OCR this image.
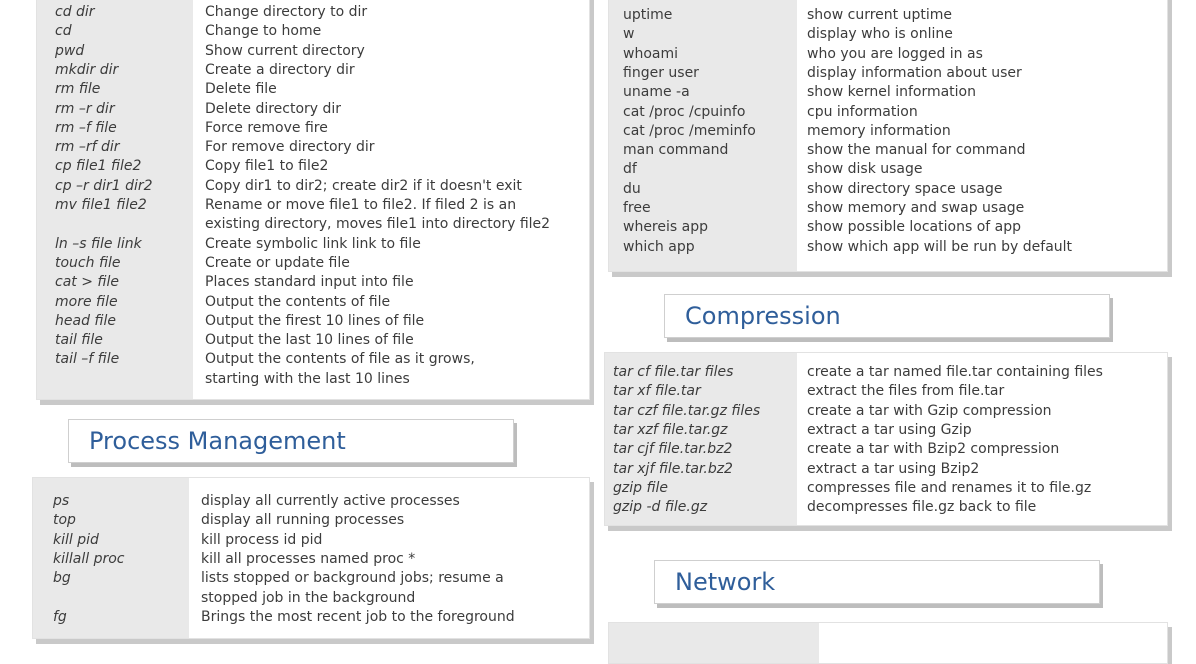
cd dir	Change directory to dir
cd	Change to home
pwd	Show current directory
mkdir dir	Create a directory dir
rm file	Delete file
rm –r dir	Delete directory dir
rm –f file	Force remove fire
rm –rf dir	For remove directory dir
cp file1 file2	Copy file1 to file2
cp –r dir1 dir2	Copy dir1 to dir2; create dir2 if it doesn't exit
mv file1 file2	Rename or move file1 to file2. If filed 2 is an
existing directory, moves file1 into directory file2
ln –s file link	Create symbolic link link to file
touch file	Create or update file
cat > file	Places standard input into file
more file	Output the contents of file
head file	Output the firest 10 lines of file
tail file	Output the last 10 lines of file
tail –f file	Output the contents of file as it grows,
starting with the last 10 lines
Process Management
ps	display all currently active processes
top	display all running processes
kill pid	kill process id pid
killall proc	kill all processes named proc *
bg	lists stopped or background jobs; resume a
stopped job in the background
fg	Brings the most recent job to the foreground
uptime	show current uptime
w	display who is online
whoami	who you are logged in as
finger user	display information about user
uname -a	show kernel information
cat /proc /cpuinfo	cpu information
cat /proc /meminfo	memory information
man command	show the manual for command
df	show disk usage
du	show directory space usage
free	show memory and swap usage
whereis app	show possible locations of app
which app	show which app will be run by default
Compression
tar cf file.tar files	create a tar named file.tar containing files
tar xf file.tar	extract the files from file.tar
tar czf file.tar.gz files	create a tar with Gzip compression
tar xzf file.tar.gz	extract a tar using Gzip
tar cjf file.tar.bz2	create a tar with Bzip2 compression
tar xjf file.tar.bz2	extract a tar using Bzip2
gzip file	compresses file and renames it to file.gz
gzip -d file.gz	decompresses file.gz back to file
Network
